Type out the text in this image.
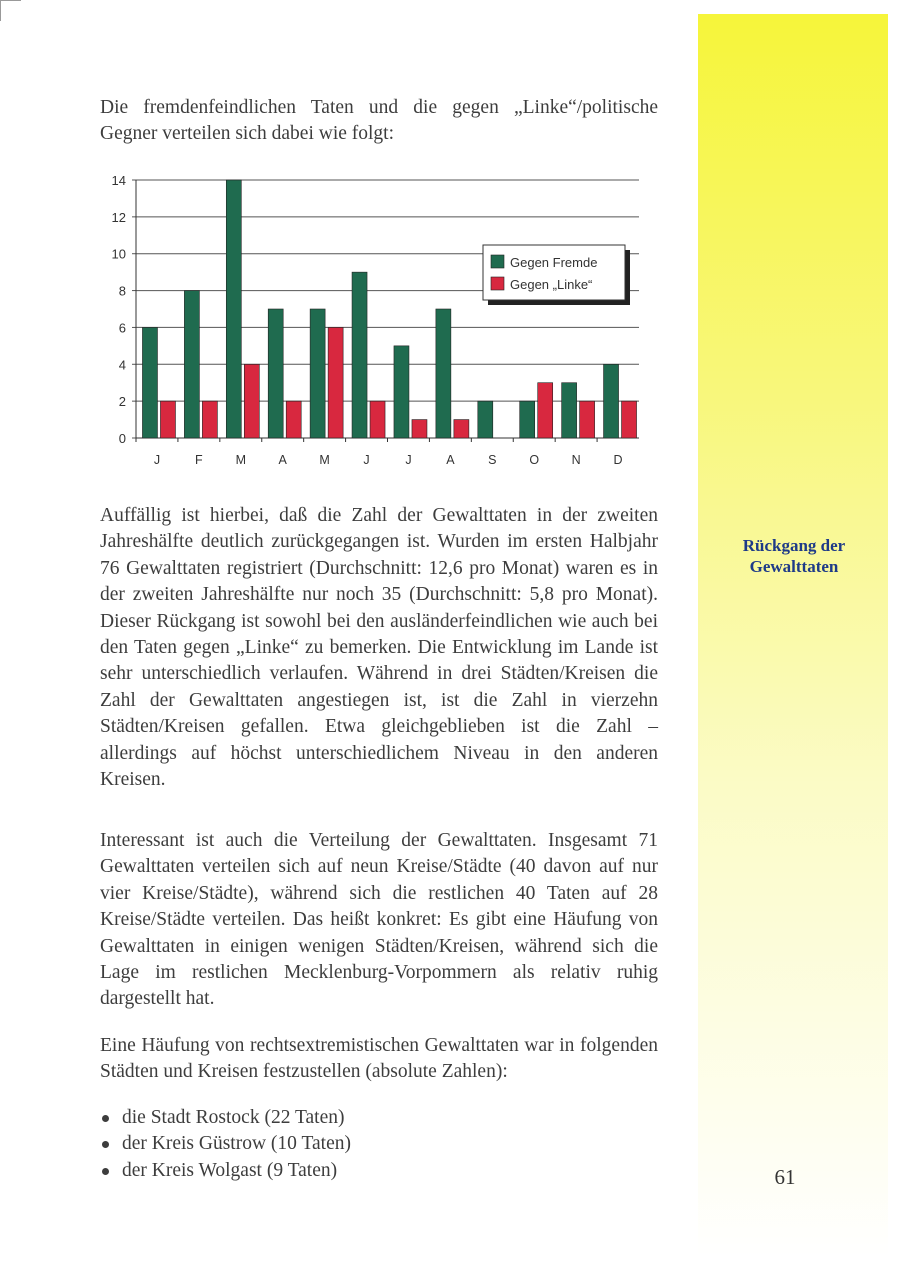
Die fremdenfeindlichen Taten und die gegen „Linke“/politische Gegner verteilen sich dabei wie folgt:

0
2
4
6
8
10
12
14
J	F	M	A	M	J	J	A	S	O	N	D
Gegen Fremde
Gegen „Linke“

Auffällig ist hierbei, daß die Zahl der Gewalttaten in der zweiten Jahreshälfte deutlich zurückgegangen ist. Wurden im ersten Halbjahr 76 Gewalttaten registriert (Durchschnitt: 12,6 pro Monat) waren es in der zweiten Jahreshälfte nur noch 35 (Durchschnitt: 5,8 pro Monat). Dieser Rückgang ist sowohl bei den ausländerfeindlichen wie auch bei den Taten gegen „Linke“ zu bemerken. Die Entwicklung im Lande ist sehr unterschiedlich verlaufen. Während in drei Städten/Kreisen die Zahl der Gewalttaten angestiegen ist, ist die Zahl in vierzehn Städten/Kreisen gefallen. Etwa gleichgeblieben ist die Zahl – allerdings auf höchst unterschiedlichem Niveau in den anderen Kreisen.

Interessant ist auch die Verteilung der Gewalttaten. Insgesamt 71 Gewalttaten verteilen sich auf neun Kreise/Städte (40 davon auf nur vier Kreise/Städte), während sich die restlichen 40 Taten auf 28 Kreise/Städte verteilen. Das heißt konkret: Es gibt eine Häufung von Gewalttaten in einigen wenigen Städten/Kreisen, während sich die Lage im restlichen Mecklenburg-Vorpommern als relativ ruhig dargestellt hat.

Eine Häufung von rechtsextremistischen Gewalttaten war in folgenden Städten und Kreisen festzustellen (absolute Zahlen):

die Stadt Rostock (22 Taten)
der Kreis Güstrow (10 Taten)
der Kreis Wolgast (9 Taten)
Rückgang der Gewalttaten
61
